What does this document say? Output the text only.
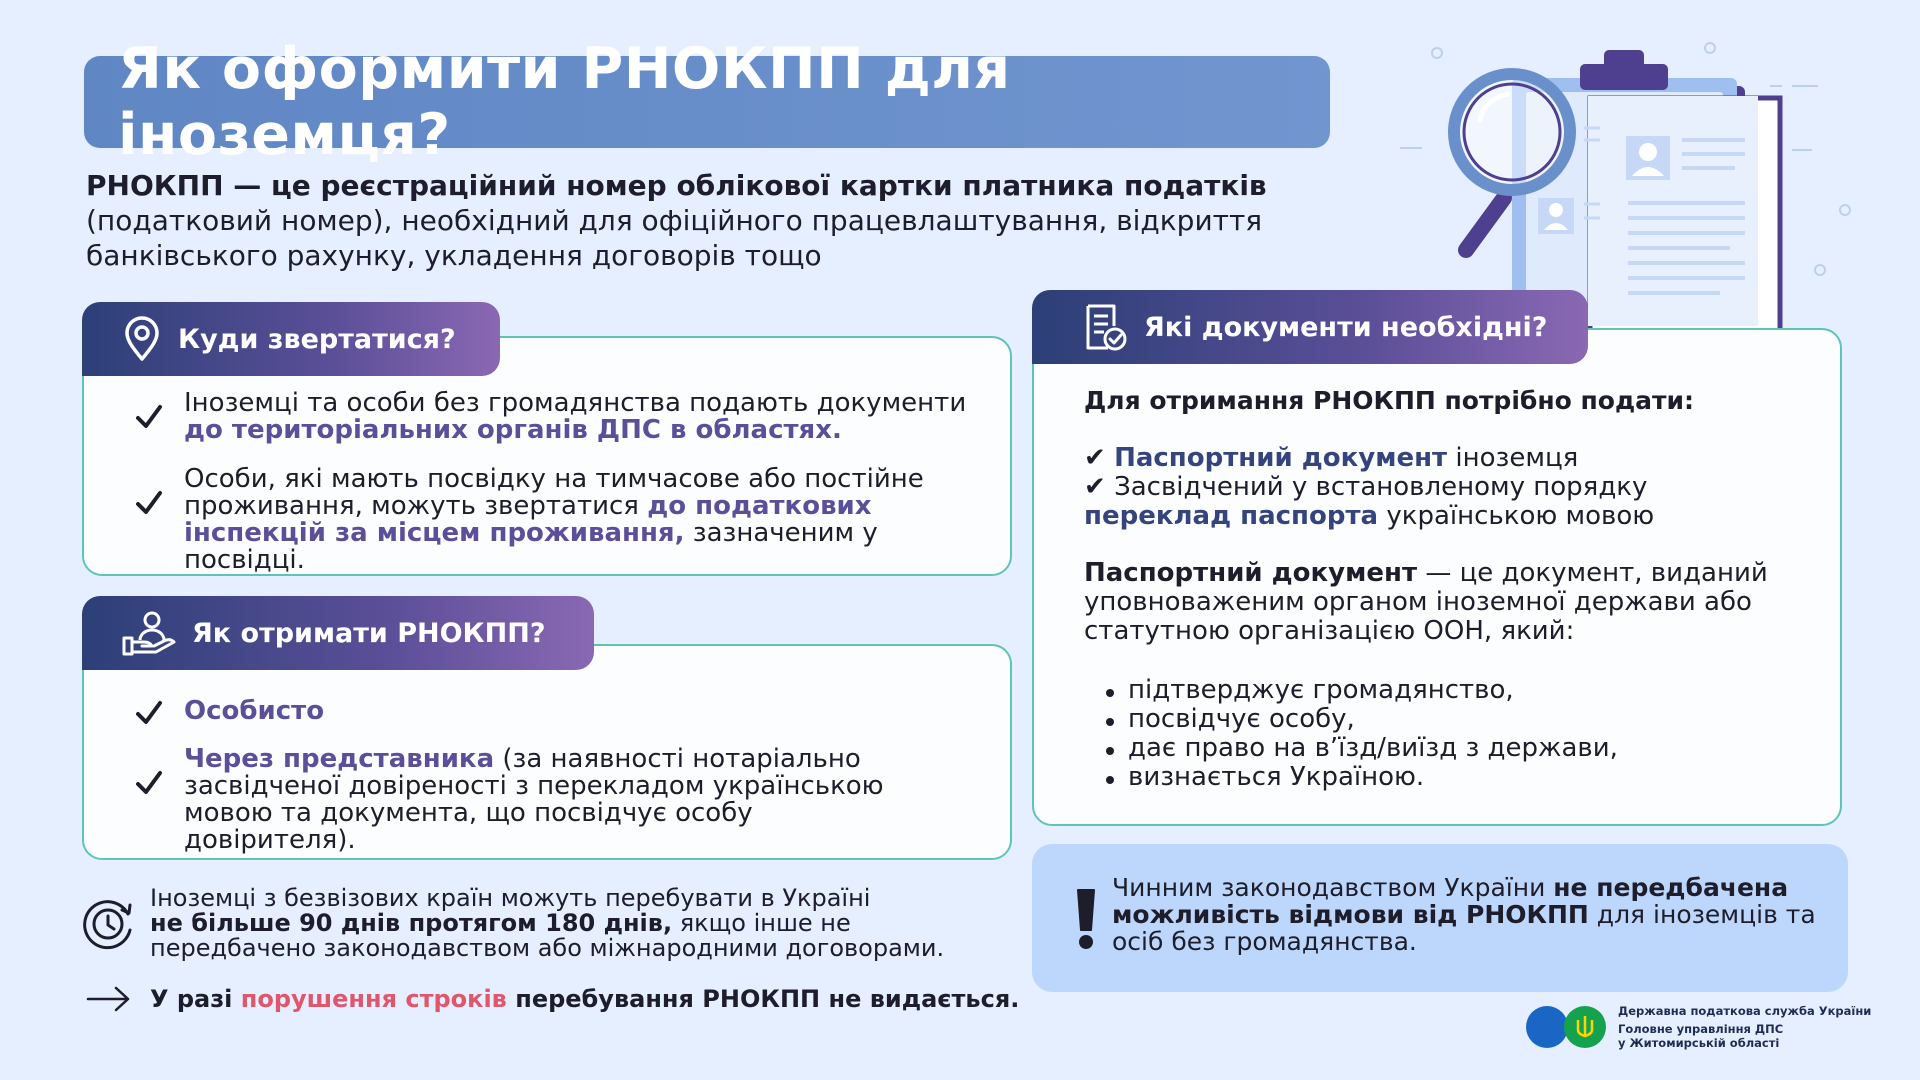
Як оформити РНОКПП для іноземця?
РНОКПП — це реєстраційний номер облікової картки платника податків
(податковий номер), необхідний для офіційного працевлаштування, відкриття банківського рахунку, укладення договорів тощо
Куди звертатися?
Іноземці та особи без громадянства подають документи
до територіальних органів ДПС в областях.
Особи, які мають посвідку на тимчасове або постійне проживання, можуть звертатися до податкових інспекцій за місцем проживання, зазначеним у посвідці.
Як отримати РНОКПП?
Особисто
Через представника (за наявності нотаріально засвідченої довіреності з перекладом українською мовою та документа, що посвідчує особу довірителя).
Іноземці з безвізових країн можуть перебувати в Україні
не більше 90 днів протягом 180 днів, якщо інше не передбачено законодавством або міжнародними договорами.
У разі порушення строків перебування РНОКПП не видається.
Які документи необхідні?
Для отримання РНОКПП потрібно подати:
✔ Паспортний документ іноземця
✔ Засвідчений у встановленому порядку
переклад паспорта українською мовою
Паспортний документ — це документ, виданий уповноваженим органом іноземної держави або статутною організацією ООН, який:
підтверджує громадянство,
посвідчує особу,
дає право на в’їзд/виїзд з держави,
визнається Україною.
Чинним законодавством України не передбачена можливість відмови від РНОКПП для іноземців та осіб без громадянства.
Державна податкова служба України
Головне управління ДПС
у Житомирській області
